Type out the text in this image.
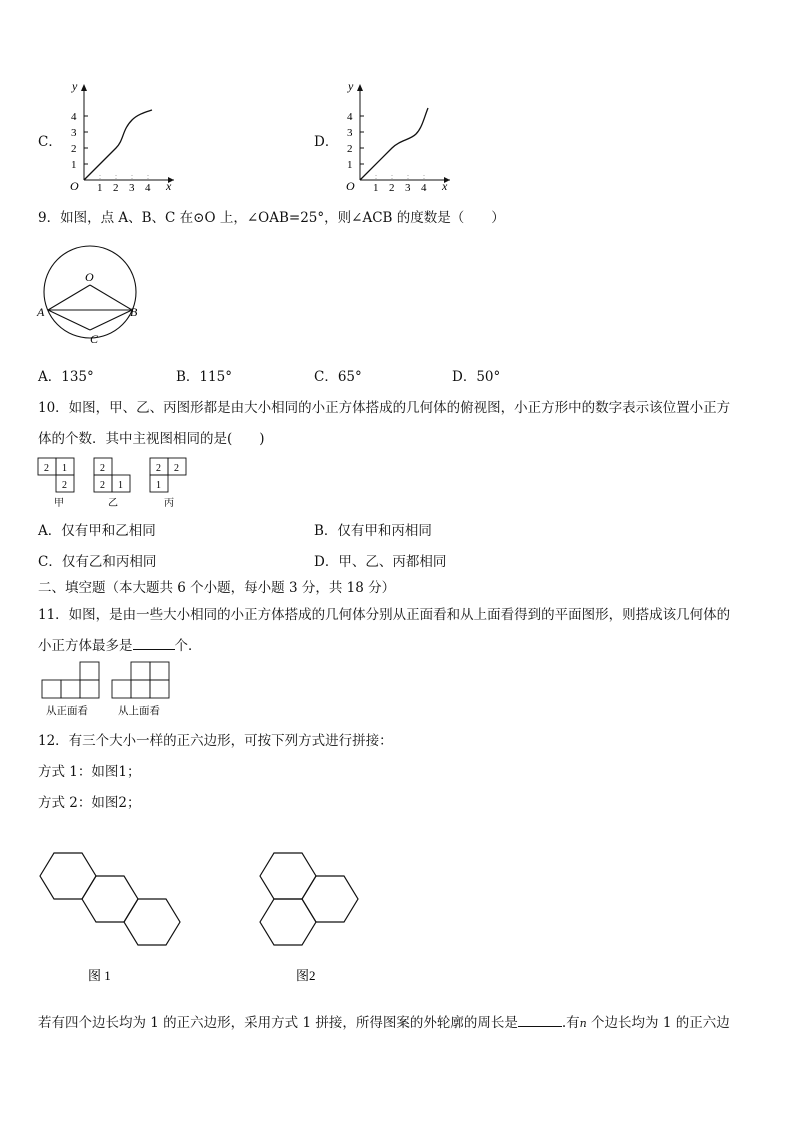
C．
y
x
O 1 2 3 4
1
2
3
4
D．
y
x
O 1 2 3 4
1
2
3
4
9．如图，点 A、B、C 在⊙O 上，∠OAB=25°，则∠ACB 的度数是（　　）
O
A	B
C
A．135°	B．115°	C．65°	D．50°
10．如图，甲、乙、丙图形都是由大小相同的小正方体搭成的几何体的俯视图，小正方形中的数字表示该位置小正方
体的个数．其中主视图相同的是(　　)
2 1
2
2
2 1
2 2
1
甲	乙	丙
A．仅有甲和乙相同	B．仅有甲和丙相同
C．仅有乙和丙相同	D．甲、乙、丙都相同
二、填空题（本大题共 6 个小题，每小题 3 分，共 18 分）
11．如图，是由一些大小相同的小正方体搭成的几何体分别从正面看和从上面看得到的平面图形，则搭成该几何体的
小正方体最多是	个．
从正面看	从上面看
12．有三个大小一样的正六边形，可按下列方式进行拼接：
方式 1：如图1；
方式 2：如图2；
图 1	图2
若有四个边长均为 1 的正六边形，采用方式 1 拼接，所得图案的外轮廓的周长是	.有n 个边长均为 1 的正六边
